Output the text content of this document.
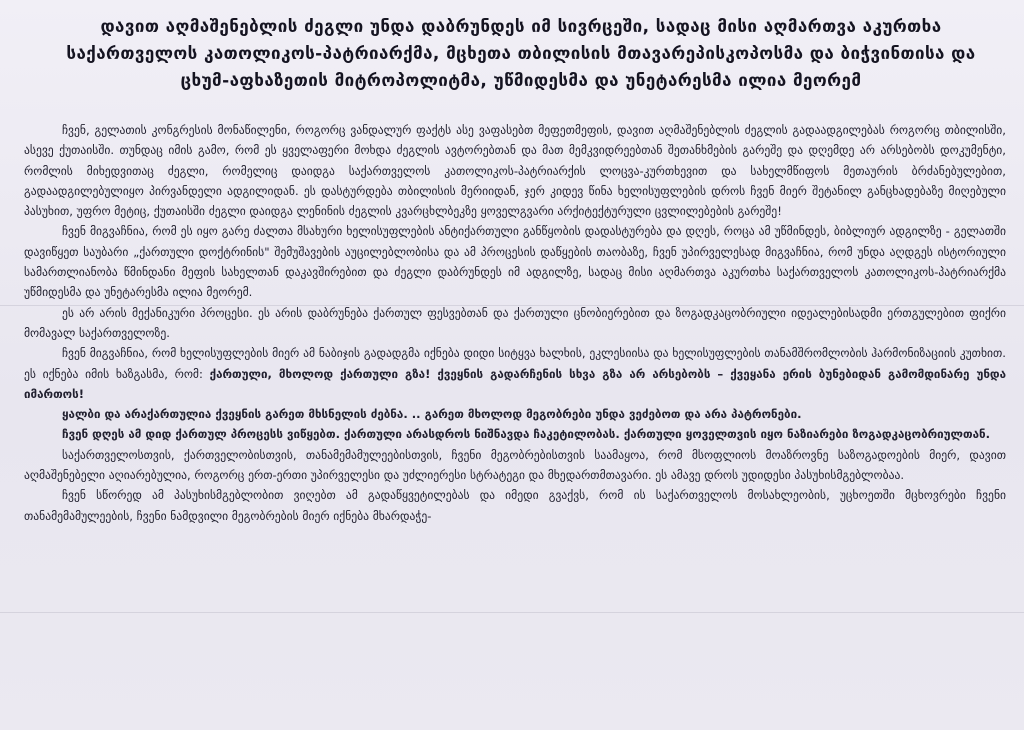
დავით აღმაშენებლის ძეგლი უნდა დაბრუნდეს იმ სივრცეში, სადაც მისი აღმართვა აკურთხა საქართველოს კათოლიკოს-პატრიარქმა, მცხეთა თბილისის მთავარეპისკოპოსმა და ბიჭვინთისა და ცხუმ-აფხაზეთის მიტროპოლიტმა, უწმიდესმა და უნეტარესმა ილია მეორემ

ჩვენ, გელათის კონგრესის მონაწილენი, როგორც ვანდალურ ფაქტს ასე ვაფასებთ მეფეთმეფის, დავით აღმაშენებლის ძეგლის გადაადგილებას როგორც თბილისში, ასევე ქუთაისში. თუნდაც იმის გამო, რომ ეს ყველაფერი მოხდა ძეგლის ავტორებთან და მათ მემკვიდრეებთან შეთანხმების გარეშე და დღემდე არ არსებობს დოკუმენტი, რომლის მიხედვითაც ძეგლი, რომელიც დაიდგა საქართველოს კათოლიკოს-პატრიარქის ლოცვა-კურთხევით და სახელმწიფოს მეთაურის ბრძანებულებით, გადაადგილებულიყო პირვანდელი ადგილიდან. ეს დასტურდება თბილისის მერიიდან, ჯერ კიდევ წინა ხელისუფლების დროს ჩვენ მიერ შეტანილ განცხადებაზე მიღებული პასუხით, უფრო მეტიც, ქუთაისში ძეგლი დაიდგა ლენინის ძეგლის კვარცხლბეკზე ყოველგვარი არქიტექტურული ცვლილებების გარეშე!

ჩვენ მიგვაჩნია, რომ ეს იყო გარე ძალთა მსახური ხელისუფლების ანტიქართული განწყობის დადასტურება და დღეს, როცა ამ უწმინდეს, ბიბლიურ ადგილზე - გელათში დავიწყეთ საუბარი „ქართული დოქტრინის" შემუშავების აუცილებლობისა და ამ პროცესის დაწყების თაობაზე, ჩვენ უპირველესად მიგვაჩნია, რომ უნდა აღდგეს ისტორიული სამართლიანობა წმინდანი მეფის სახელთან დაკავშირებით და ძეგლი დაბრუნდეს იმ ადგილზე, სადაც მისი აღმართვა აკურთხა საქართველოს კათოლიკოს-პატრიარქმა უწმიდესმა და უნეტარესმა ილია მეორემ.

ეს არ არის მექანიკური პროცესი. ეს არის დაბრუნება ქართულ ფესვებთან და ქართული ცნობიერებით და ზოგადკაცობრიული იდეალებისადმი ერთგულებით ფიქრი მომავალ საქართველოზე.

ჩვენ მიგვაჩნია, რომ ხელისუფლების მიერ ამ ნაბიჯის გადადგმა იქნება დიდი სიტყვა ხალხის, ეკლესიისა და ხელისუფლების თანამშრომლობის ჰარმონიზაციის კუთხით. ეს იქნება იმის ხაზგასმა, რომ: ქართული, მხოლოდ ქართული გზა! ქვეყნის გადარჩენის სხვა გზა არ არსებობს – ქვეყანა ერის ბუნებიდან გამომდინარე უნდა იმართოს!

ყალბი და არაქართულია ქვეყნის გარეთ მხსნელის ძებნა. .. გარეთ მხოლოდ მეგობრები უნდა ვეძებოთ და არა პატრონები.

ჩვენ დღეს ამ დიდ ქართულ პროცესს ვიწყებთ. ქართული არასდროს ნიშნავდა ჩაკეტილობას. ქართული ყოველთვის იყო ნაზიარები ზოგადკაცობრიულთან.

საქართველოსთვის, ქართველობისთვის, თანამემამულეებისთვის, ჩვენი მეგობრებისთვის საამაყოა, რომ მსოფლიოს მოაზროვნე საზოგადოების მიერ, დავით აღმაშენებელი აღიარებულია, როგორც ერთ-ერთი უპირველესი და უძლიერესი სტრატეგი და მხედართმთავარი. ეს ამავე დროს უდიდესი პასუხისმგებლობაა.

ჩვენ სწორედ ამ პასუხისმგებლობით ვიღებთ ამ გადაწყვეტილებას და იმედი გვაქვს, რომ ის საქართველოს მოსახლეობის, უცხოეთში მცხოვრები ჩვენი თანამემამულეების, ჩვენი ნამდვილი მეგობრების მიერ იქნება მხარდაჭე-
